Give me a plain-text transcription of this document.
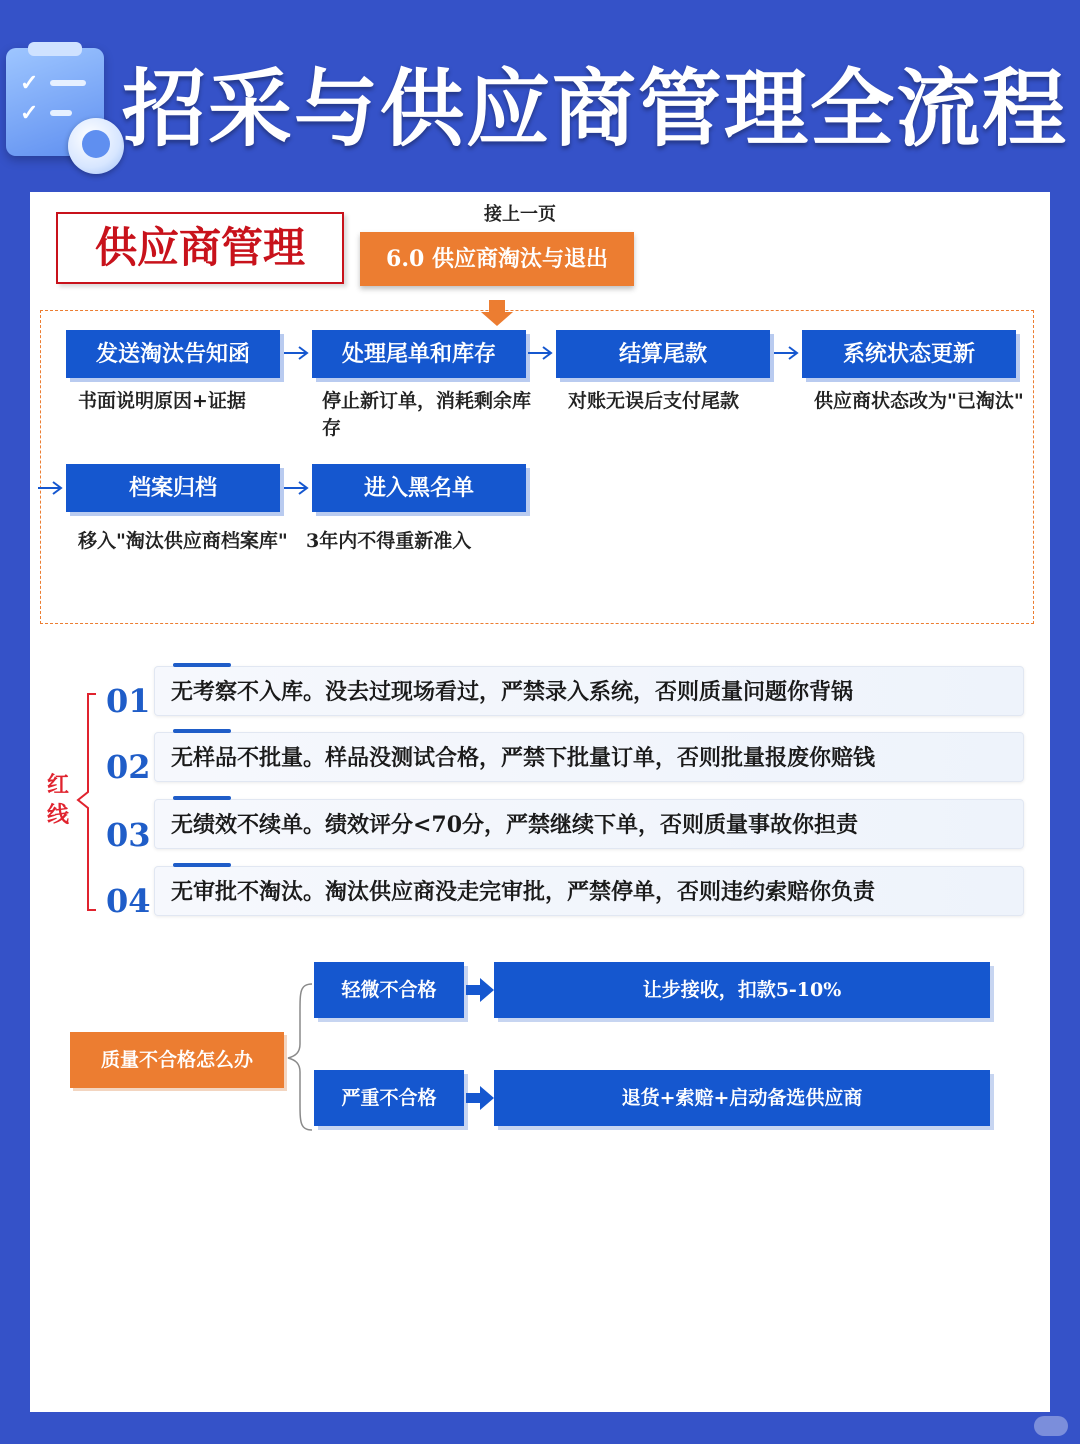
✓
✓ 招采与供应商管理全流程
供应商管理
接上一页
6.0 供应商淘汰与退出
发送淘汰告知函
书面说明原因+证据
处理尾单和库存
停止新订单，消耗剩余库存
结算尾款
对账无误后支付尾款
系统状态更新
供应商状态改为"已淘汰"
档案归档
移入"淘汰供应商档案库"
进入黑名单
3年内不得重新准入
红线
01 无考察不入库。没去过现场看过，严禁录入系统，否则质量问题你背锅
02 无样品不批量。样品没测试合格，严禁下批量订单，否则批量报废你赔钱
03 无绩效不续单。绩效评分<70分，严禁继续下单，否则质量事故你担责
04 无审批不淘汰。淘汰供应商没走完审批，严禁停单，否则违约索赔你负责
质量不合格怎么办
轻微不合格	让步接收，扣款5-10%
严重不合格	退货+索赔+启动备选供应商
